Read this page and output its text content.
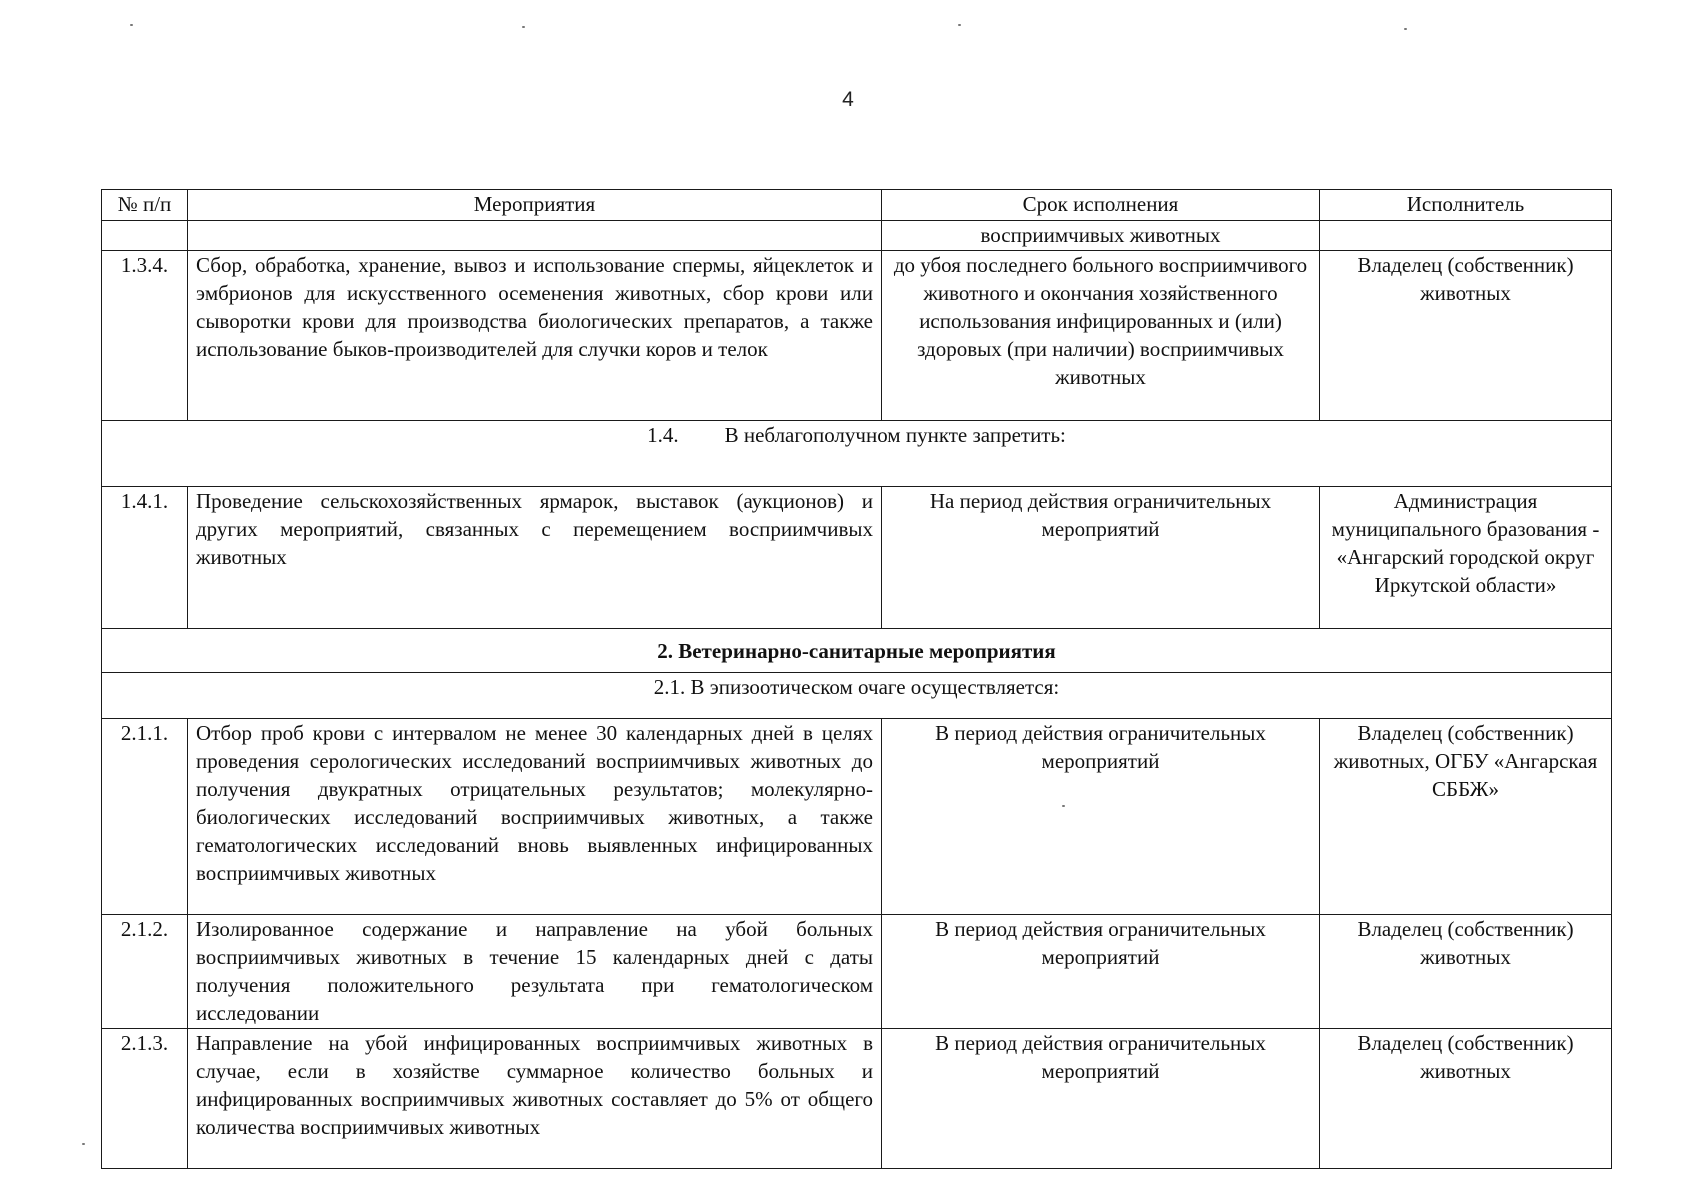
4
№ п/п	Мероприятия	Срок исполнения	Исполнитель
		восприимчивых животных	
1.3.4.	Сбор, обработка, хранение, вывоз и использование спермы, яйцеклеток и эмбрионов для искусственного осеменения животных, сбор крови или сыворотки крови для производства биологических препаратов, а также использование быков-производителей для случки коров и телок	до убоя последнего больного восприимчивого животного и окончания хозяйственного использования инфицированных и (или) здоровых (при наличии) восприимчивых животных	Владелец (собственник) животных
1.4. В неблагополучном пункте запретить:			
1.4.1.	Проведение сельскохозяйственных ярмарок, выставок (аукционов) и других мероприятий, связанных с перемещением восприимчивых животных	На период действия ограничительных мероприятий	Администрация муниципального бразования - «Ангарский городской округ Иркутской области»

2. Ветеринарно-санитарные мероприятия			
2.1. В эпизоотическом очаге осуществляется:			
2.1.1.	Отбор проб крови с интервалом не менее 30 календарных дней в целях проведения серологических исследований восприимчивых животных до получения двукратных отрицательных результатов; молекулярно-биологических исследований восприимчивых животных, а также гематологических исследований вновь выявленных инфицированных восприимчивых животных	В период действия ограничительных мероприятий	Владелец (собственник) животных, ОГБУ «Ангарская СББЖ»
2.1.2.	Изолированное содержание и направление на убой больных восприимчивых животных в течение 15 календарных дней с даты получения положительного результата при гематологическом исследовании	В период действия ограничительных мероприятий	Владелец (собственник) животных
2.1.3.	Направление на убой инфицированных восприимчивых животных в случае, если в хозяйстве суммарное количество больных и инфицированных восприимчивых животных составляет до 5% от общего количества восприимчивых животных	В период действия ограничительных мероприятий	Владелец (собственник) животных
